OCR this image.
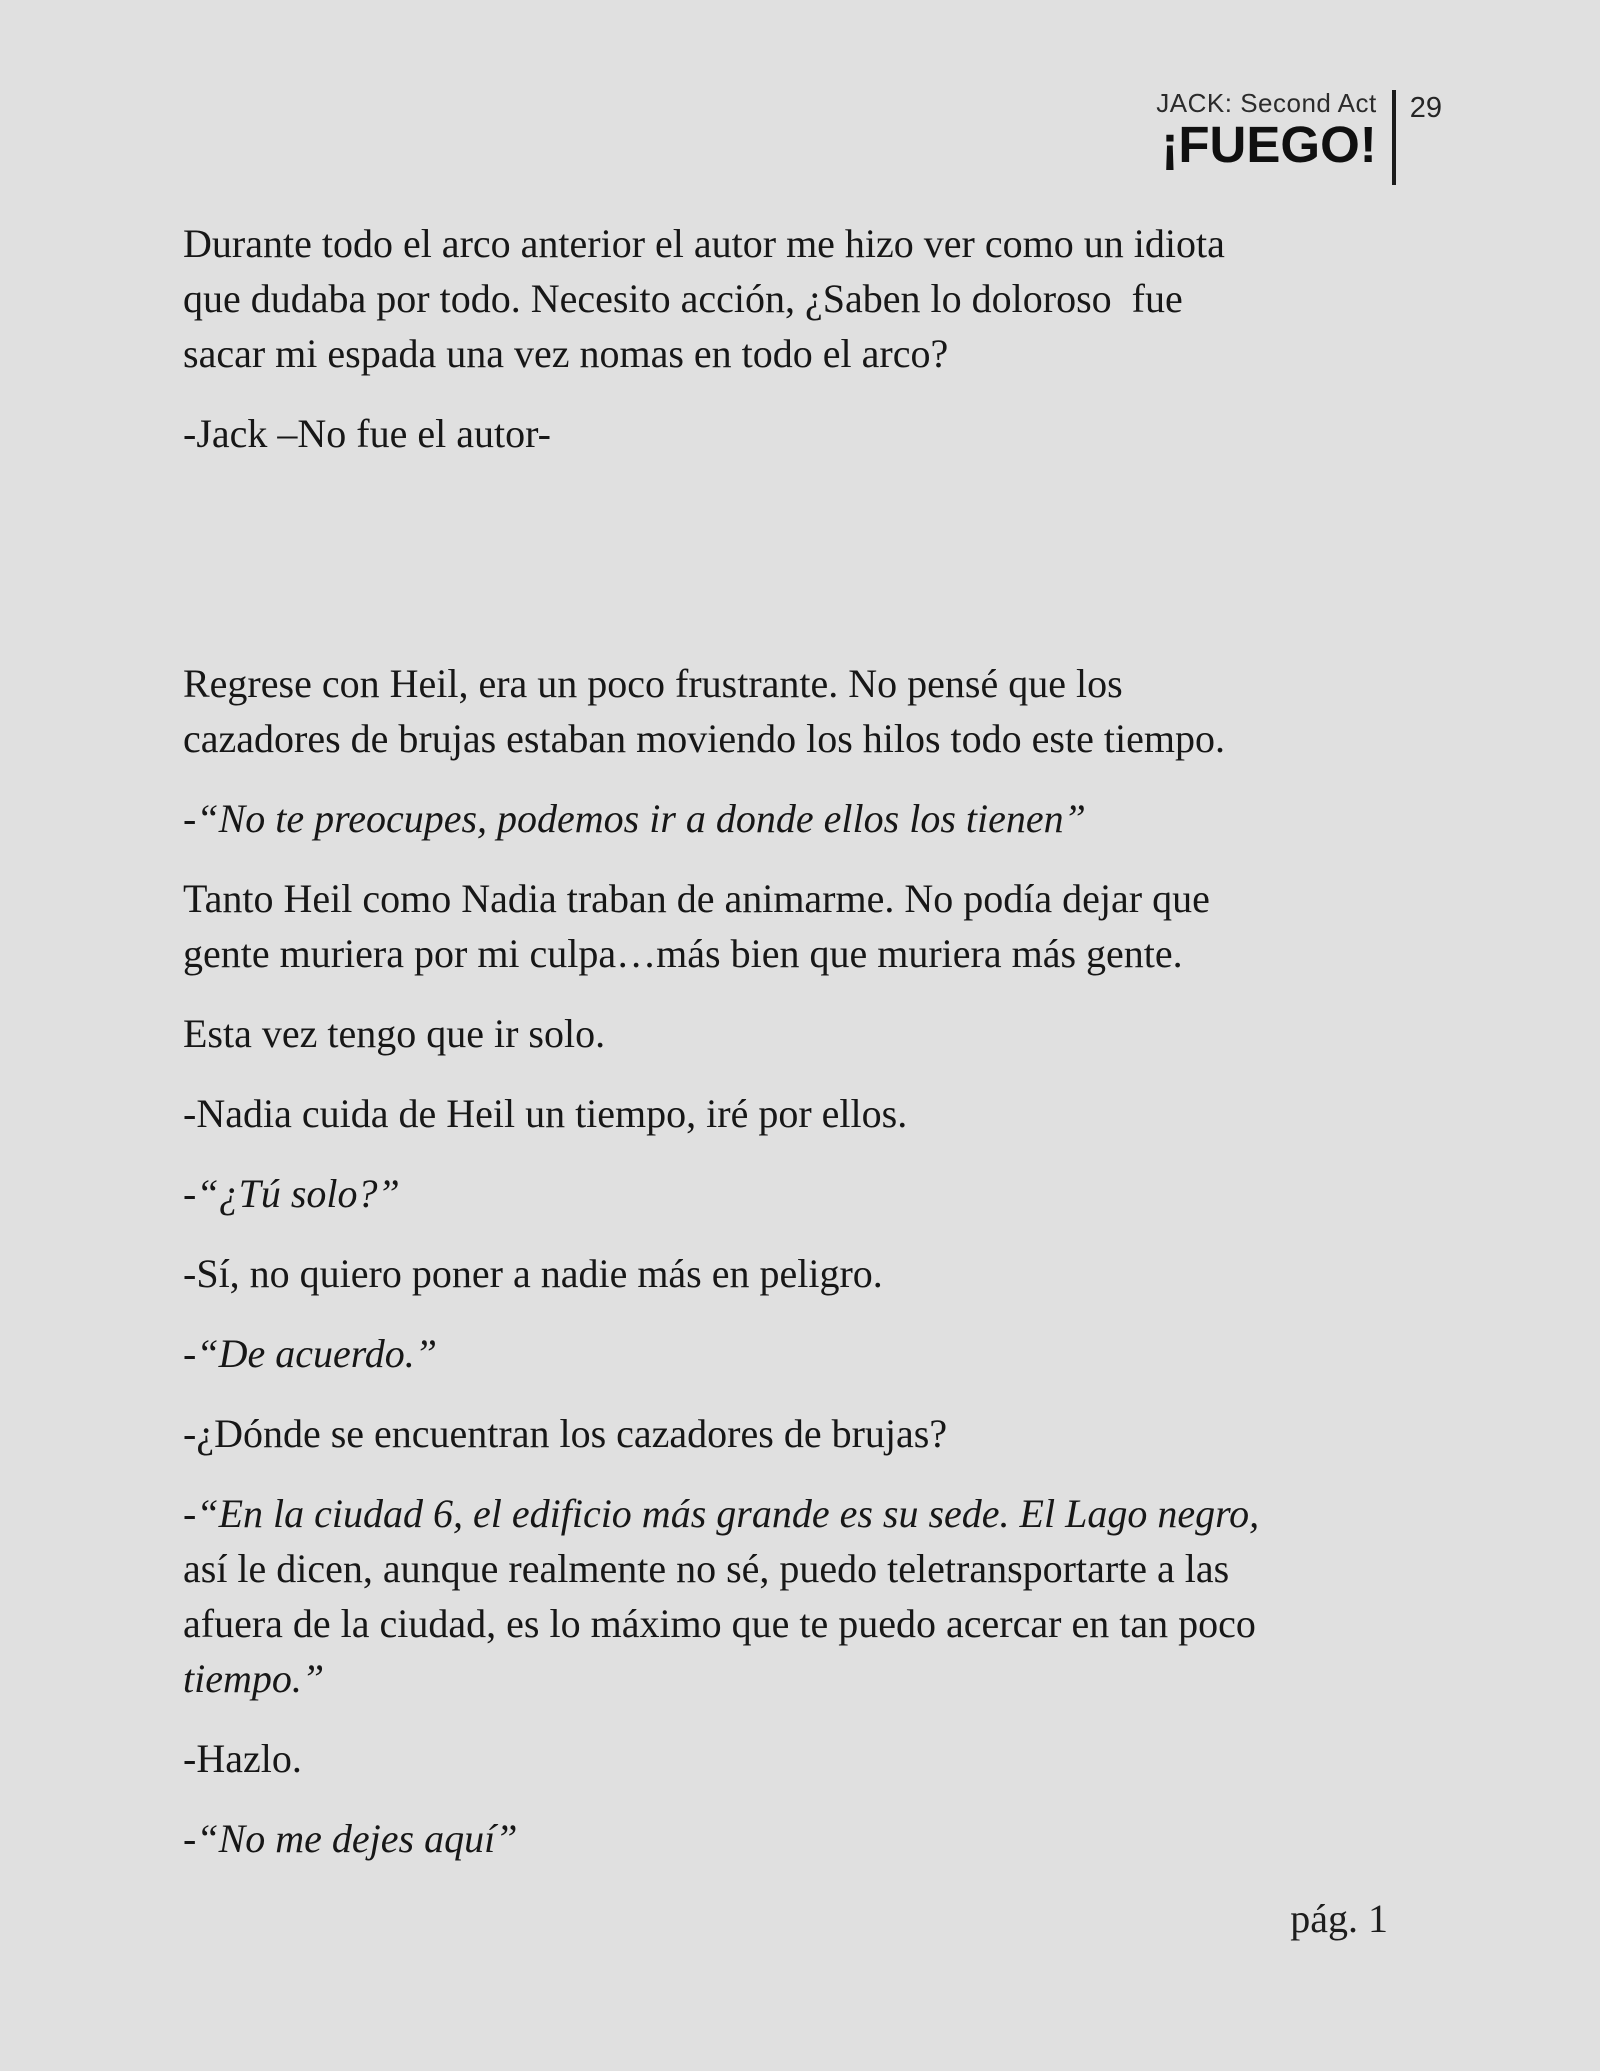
JACK: Second Act
¡FUEGO!
29
Durante todo el arco anterior el autor me hizo ver como un idiota
que dudaba por todo. Necesito acción, ¿Saben lo doloroso  fue
sacar mi espada una vez nomas en todo el arco?
-Jack –No fue el autor-
Regrese con Heil, era un poco frustrante. No pensé que los
cazadores de brujas estaban moviendo los hilos todo este tiempo.
-“No te preocupes, podemos ir a donde ellos los tienen”
Tanto Heil como Nadia traban de animarme. No podía dejar que
gente muriera por mi culpa…más bien que muriera más gente.
Esta vez tengo que ir solo.
-Nadia cuida de Heil un tiempo, iré por ellos.
-“¿Tú solo?”
-Sí, no quiero poner a nadie más en peligro.
-“De acuerdo.”
-¿Dónde se encuentran los cazadores de brujas?
-“En la ciudad 6, el edificio más grande es su sede. El Lago negro,
así le dicen, aunque realmente no sé, puedo teletransportarte a las
afuera de la ciudad, es lo máximo que te puedo acercar en tan poco
tiempo.”
-Hazlo.
-“No me dejes aquí”
pág. 1
